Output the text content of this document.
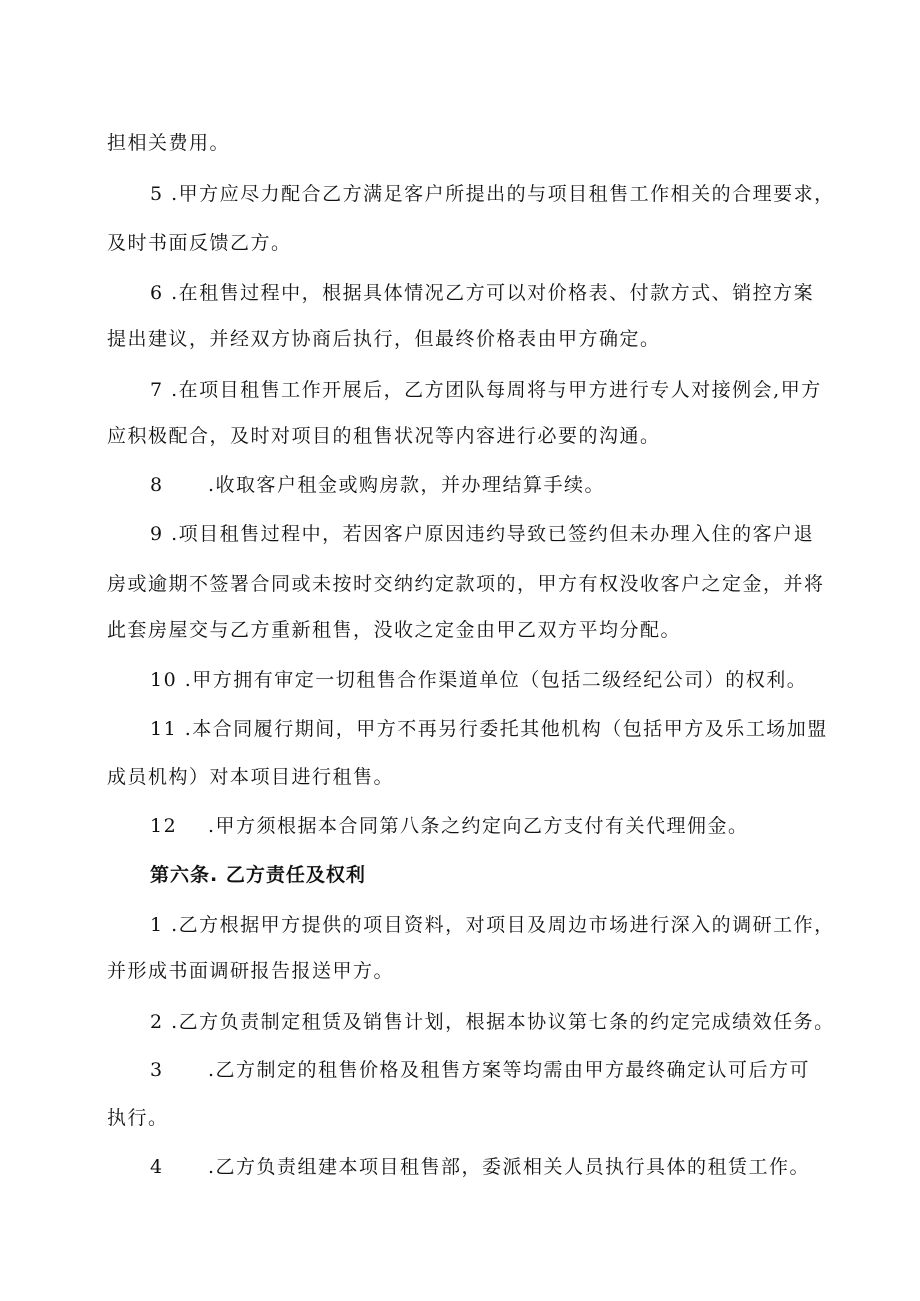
担相关费用。
5 .甲方应尽力配合乙方满足客户所提出的与项目租售工作相关的合理要求，
及时书面反馈乙方。
6 .在租售过程中，根据具体情况乙方可以对价格表、付款方式、销控方案
提出建议，并经双方协商后执行，但最终价格表由甲方确定。
7 .在项目租售工作开展后，乙方团队每周将与甲方进行专人对接例会,甲方
应积极配合，及时对项目的租售状况等内容进行必要的沟通。
8 .收取客户租金或购房款，并办理结算手续。
9 .项目租售过程中，若因客户原因违约导致已签约但未办理入住的客户退
房或逾期不签署合同或未按时交纳约定款项的，甲方有权没收客户之定金，并将
此套房屋交与乙方重新租售，没收之定金由甲乙双方平均分配。
10 .甲方拥有审定一切租售合作渠道单位（包括二级经纪公司）的权利。
11 .本合同履行期间，甲方不再另行委托其他机构（包括甲方及乐工场加盟
成员机构）对本项目进行租售。
12 .甲方须根据本合同第八条之约定向乙方支付有关代理佣金。
第六条. 乙方责任及权利
1 .乙方根据甲方提供的项目资料，对项目及周边市场进行深入的调研工作，
并形成书面调研报告报送甲方。
2 .乙方负责制定租赁及销售计划，根据本协议第七条的约定完成绩效任务。
3 .乙方制定的租售价格及租售方案等均需由甲方最终确定认可后方可
执行。
4 .乙方负责组建本项目租售部，委派相关人员执行具体的租赁工作。
